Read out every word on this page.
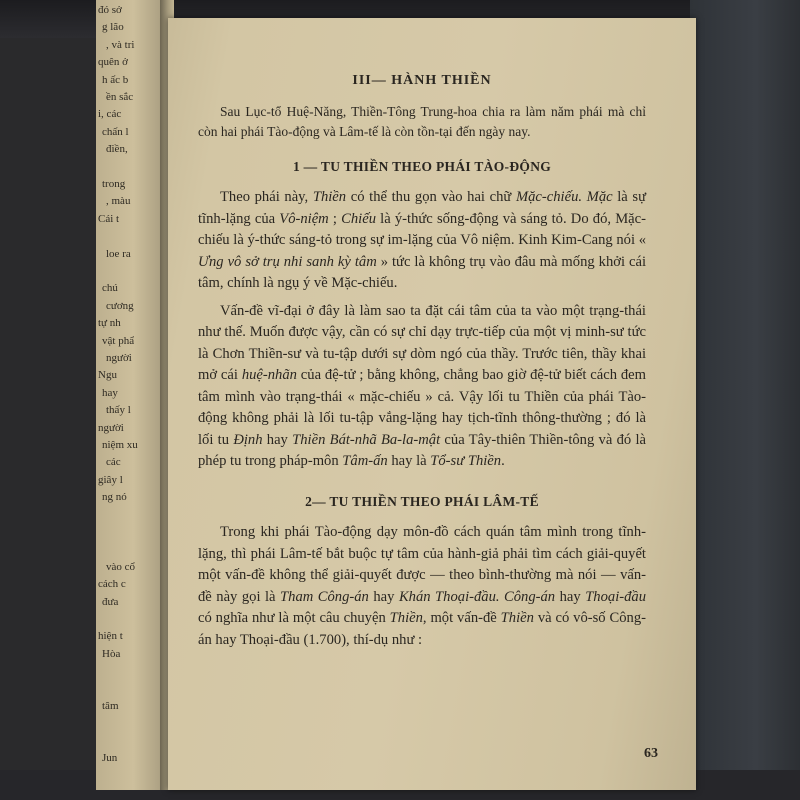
đó sở
g lão
, và tri
quên ở
h ấc b
ền sắc
i, các
chấn l
điền,
trong
, màu
Cái t
loe ra
chú
cương
tự nh
vật phẩ
người
Ngu
hay
thấy l
người
niệm xu
các
giây l
ng nó
vào cổ
cách c
đưa
hiện t
Hòa
tâm
Jun
III— HÀNH THIỀN

Sau Lục-tổ Huệ-Năng, Thiền-Tông Trung-hoa chia ra làm năm phái mà chỉ còn hai phái Tào-động và Lâm-tế là còn tồn-tại đến ngày nay.

1 — TU THIỀN THEO PHÁI TÀO-ĐỘNG

Theo phái này, Thiền có thể thu gọn vào hai chữ Mặc-chiếu. Mặc là sự tĩnh-lặng của Vô-niệm ; Chiếu là ý-thức sống-động và sáng tỏ. Do đó, Mặc-chiếu là ý-thức sáng-tỏ trong sự im-lặng của Vô niệm. Kinh Kim-Cang nói « Ưng vô sở trụ nhi sanh kỳ tâm » tức là không trụ vào đâu mà mống khởi cái tâm, chính là ngụ ý về Mặc-chiếu.

Vấn-đề vĩ-đại ở đây là làm sao ta đặt cái tâm của ta vào một trạng-thái như thế. Muốn được vậy, cần có sự chỉ dạy trực-tiếp của một vị minh-sư tức là Chơn Thiền-sư và tu-tập dưới sự dòm ngó của thầy. Trước tiên, thầy khai mở cái huệ-nhãn của đệ-tử ; bằng không, chẳng bao giờ đệ-tử biết cách đem tâm mình vào trạng-thái « mặc-chiếu » cả. Vậy lối tu Thiền của phái Tào-động không phải là lối tu-tập vắng-lặng hay tịch-tĩnh thông-thường ; đó là lối tu Định hay Thiền Bát-nhã Ba-la-mật của Tây-thiên Thiền-tông và đó là phép tu trong pháp-môn Tâm-ấn hay là Tổ-sư Thiền.

2— TU THIỀN THEO PHÁI LÂM-TẾ

Trong khi phái Tào-động dạy môn-đồ cách quán tâm mình trong tĩnh-lặng, thì phái Lâm-tế bắt buộc tự tâm của hành-giả phải tìm cách giải-quyết một vấn-đề không thể giải-quyết được — theo bình-thường mà nói — vấn-đề này gọi là Tham Công-án hay Khán Thoại-đầu. Công-án hay Thoại-đầu có nghĩa như là một câu chuyện Thiền, một vấn-đề Thiền và có vô-số Công-án hay Thoại-đầu (1.700), thí-dụ như :

63
